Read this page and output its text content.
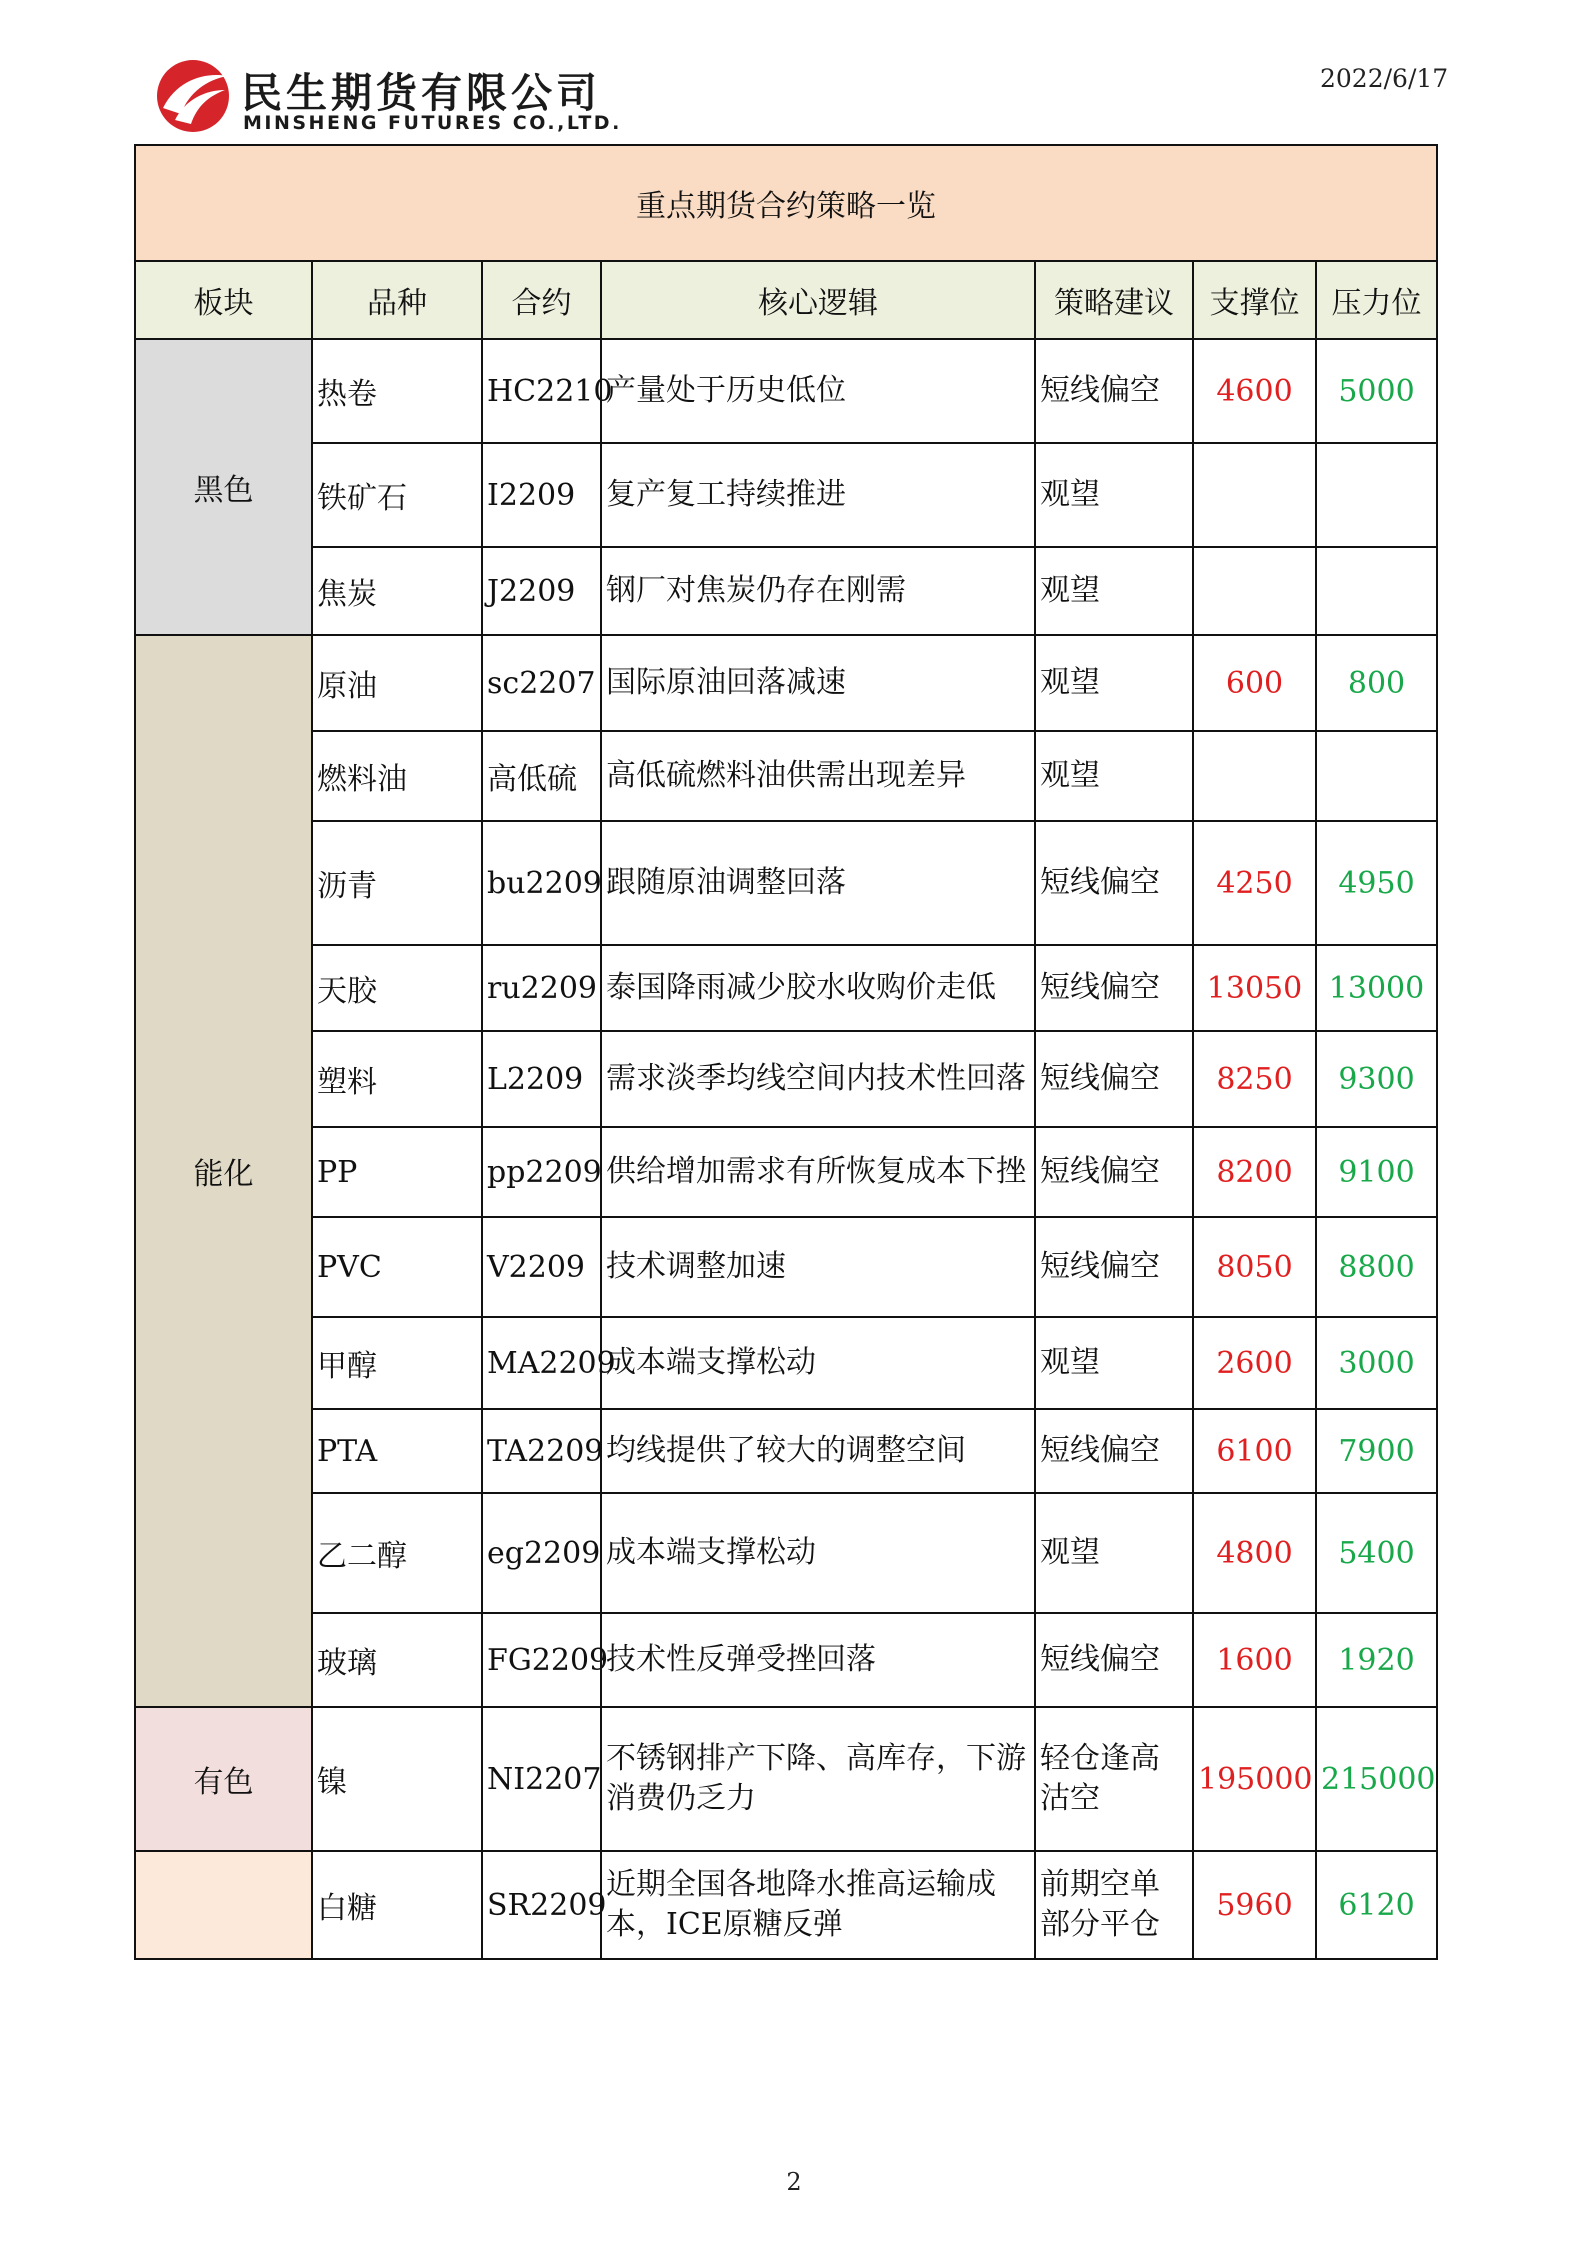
民生期货有限公司
MINSHENG FUTURES CO.,LTD.
2022/6/17
重点期货合约策略一览						
板块	品种	合约	核心逻辑	策略建议	支撑位	压力位
黑色	热卷	HC2210	产量处于历史低位	短线偏空	4600	5000
	铁矿石	I2209	复产复工持续推进	观望		
	焦炭	J2209	钢厂对焦炭仍存在刚需	观望		
能化	原油	sc2207	国际原油回落减速	观望	600	800
	燃料油	高低硫	高低硫燃料油供需出现差异	观望		
	沥青	bu2209	跟随原油调整回落	短线偏空	4250	4950
	天胶	ru2209	泰国降雨减少胶水收购价走低	短线偏空	13050	13000
	塑料	L2209	需求淡季均线空间内技术性回落	短线偏空	8250	9300
	PP	pp2209	供给增加需求有所恢复成本下挫	短线偏空	8200	9100
	PVC	V2209	技术调整加速	短线偏空	8050	8800
	甲醇	MA2209	成本端支撑松动	观望	2600	3000
	PTA	TA2209	均线提供了较大的调整空间	短线偏空	6100	7900
	乙二醇	eg2209	成本端支撑松动	观望	4800	5400
	玻璃	FG2209	技术性反弹受挫回落	短线偏空	1600	1920
有色	镍	NI2207	不锈钢排产下降、高库存，下游消费仍乏力	轻仓逢高沽空	195000	215000
	白糖	SR2209	近期全国各地降水推高运输成本，ICE原糖反弹	前期空单部分平仓	5960	6120
2
